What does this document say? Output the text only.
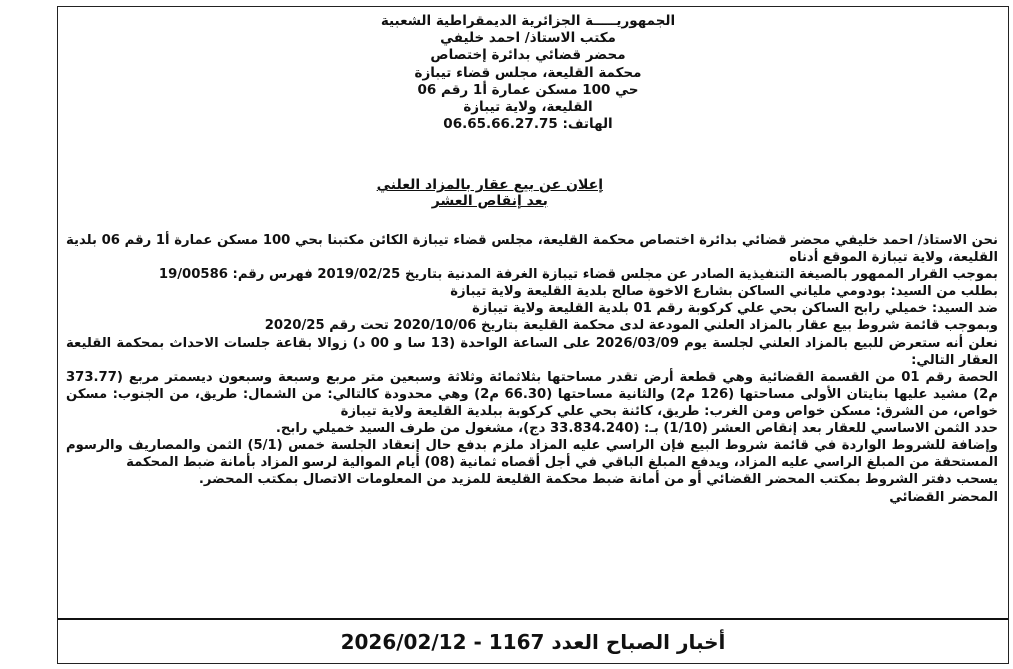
الجمهوريـــــة الجزائرية الديمقراطية الشعبية
مكتب الاستاذ/ احمد خليفي
محضر قضائي بدائرة إختصاص
محكمة القليعة، مجلس قضاء تيبازة
حي 100 مسكن عمارة أ1 رقم 06
القليعة، ولاية تيبازة
الهاتف: 06.65.66.27.75
إعلان عن بيع عقار بالمزاد العلني
بعد إنقاص العشر

نحن الاستاذ/ احمد خليفي محضر قضائي بدائرة اختصاص محكمة القليعة، مجلس قضاء تيبازة الكائن مكتبنا بحي 100 مسكن عمارة أ1 رقم 06 بلدية القليعة، ولاية تيبازة الموقع أدناه

بموجب القرار الممهور بالصيغة التنفيذية الصادر عن مجلس قضاء تيبازة الغرفة المدنية بتاريخ 2019/02/25 فهرس رقم: 19/00586

بطلب من السيد: بودومي ملياني الساكن بشارع الاخوة صالح بلدية القليعة ولاية تيبازة

ضد السيد: خميلي رابح الساكن بحي علي كركوبة رقم 01 بلدية القليعة ولاية تيبازة

وبموجب قائمة شروط بيع عقار بالمزاد العلني المودعة لدى محكمة القليعة بتاريخ 2020/10/06 تحت رقم 2020/25

نعلن أنه ستعرض للبيع بالمزاد العلني لجلسة يوم 2026/03/09 على الساعة الواحدة (13 سا و 00 د) زوالا بقاعة جلسات الاحداث بمحكمة القليعة العقار التالي:

الحصة رقم 01 من القسمة القضائية وهي قطعة أرض تقدر مساحتها بثلاثمائة وثلاثة وسبعين متر مربع وسبعة وسبعون ديسمتر مربع (373.77 م2) مشيد عليها بنايتان الأولى مساحتها (126 م2) والثانية مساحتها (66.30 م2) وهي محدودة كالتالي: من الشمال: طريق، من الجنوب: مسكن خواص، من الشرق: مسكن خواص ومن الغرب: طريق، كائنة بحي علي كركوبة ببلدية القليعة ولاية تيبازة

حدد الثمن الاساسي للعقار بعد إنقاص العشر (1/10) بـ: (33.834.240 دج)، مشغول من طرف السيد خميلي رابح.

وإضافة للشروط الواردة في قائمة شروط البيع فإن الراسي عليه المزاد ملزم بدفع حال إنعقاد الجلسة خمس (5/1) الثمن والمصاريف والرسوم المستحقة من المبلغ الراسي عليه المزاد، ويدفع المبلغ الباقي في أجل أقصاه ثمانية (08) أيام الموالية لرسو المزاد بأمانة ضبط المحكمة

يسحب دفتر الشروط بمكتب المحضر القضائي أو من أمانة ضبط محكمة القليعة للمزيد من المعلومات الاتصال بمكتب المحضر.

المحضر القضائي
أخبار الصباح العدد 1167 - 2026/02/12
